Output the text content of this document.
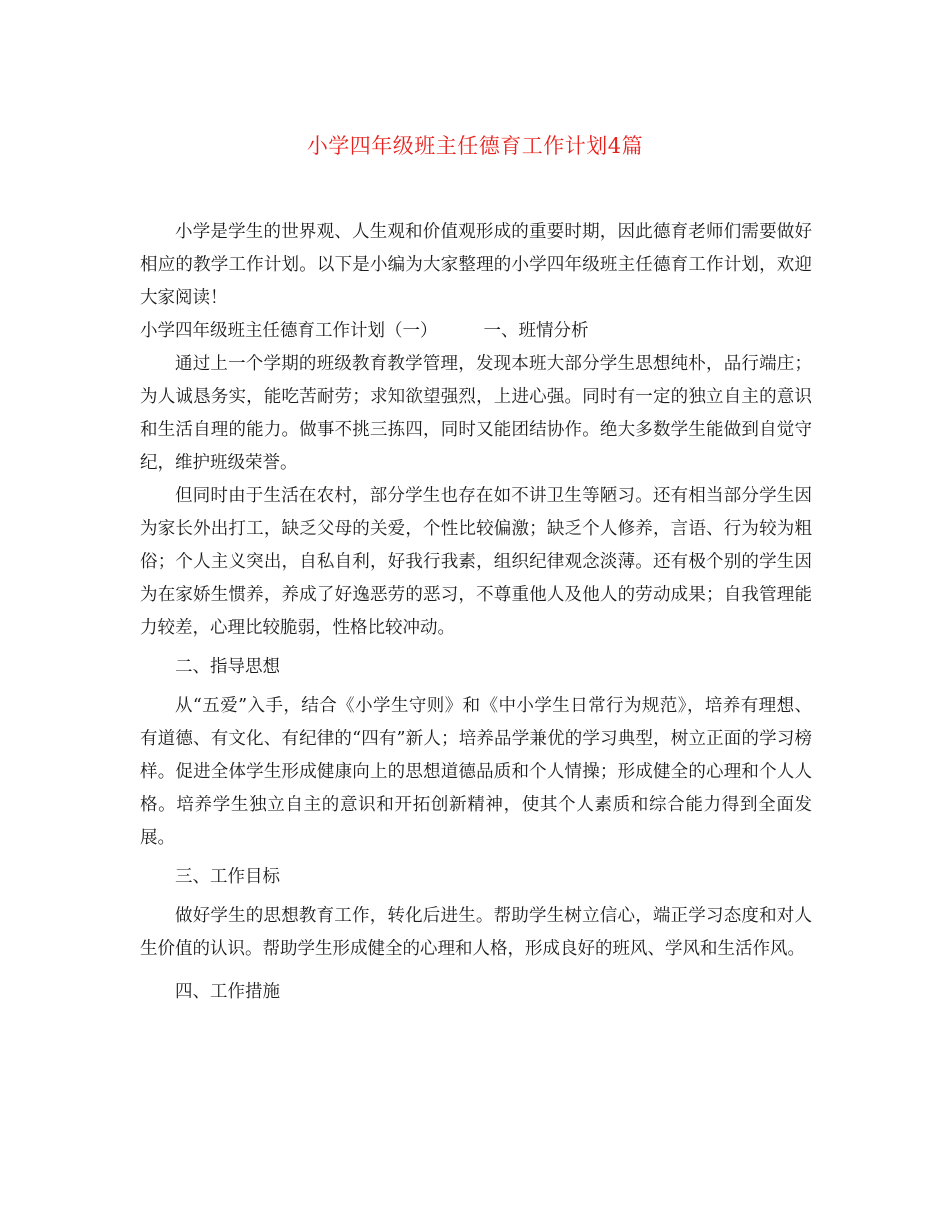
小学四年级班主任德育工作计划4篇

小学是学生的世界观、人生观和价值观形成的重要时期，因此德育老师们需要做好相应的教学工作计划。以下是小编为大家整理的小学四年级班主任德育工作计划，欢迎大家阅读！

小学四年级班主任德育工作计划（一）	一、班情分析

通过上一个学期的班级教育教学管理，发现本班大部分学生思想纯朴，品行端庄；为人诚恳务实，能吃苦耐劳；求知欲望强烈，上进心强。同时有一定的独立自主的意识和生活自理的能力。做事不挑三拣四，同时又能团结协作。绝大多数学生能做到自觉守纪，维护班级荣誉。

但同时由于生活在农村，部分学生也存在如不讲卫生等陋习。还有相当部分学生因为家长外出打工，缺乏父母的关爱，个性比较偏激；缺乏个人修养，言语、行为较为粗俗；个人主义突出，自私自利，好我行我素，组织纪律观念淡薄。还有极个别的学生因为在家娇生惯养，养成了好逸恶劳的恶习，不尊重他人及他人的劳动成果；自我管理能力较差，心理比较脆弱，性格比较冲动。

二、指导思想

从“五爱”入手，结合《小学生守则》和《中小学生日常行为规范》，培养有理想、有道德、有文化、有纪律的“四有”新人；培养品学兼优的学习典型，树立正面的学习榜样。促进全体学生形成健康向上的思想道德品质和个人情操；形成健全的心理和个人人格。培养学生独立自主的意识和开拓创新精神，使其个人素质和综合能力得到全面发展。

三、工作目标

做好学生的思想教育工作，转化后进生。帮助学生树立信心，端正学习态度和对人生价值的认识。帮助学生形成健全的心理和人格，形成良好的班风、学风和生活作风。

四、工作措施
